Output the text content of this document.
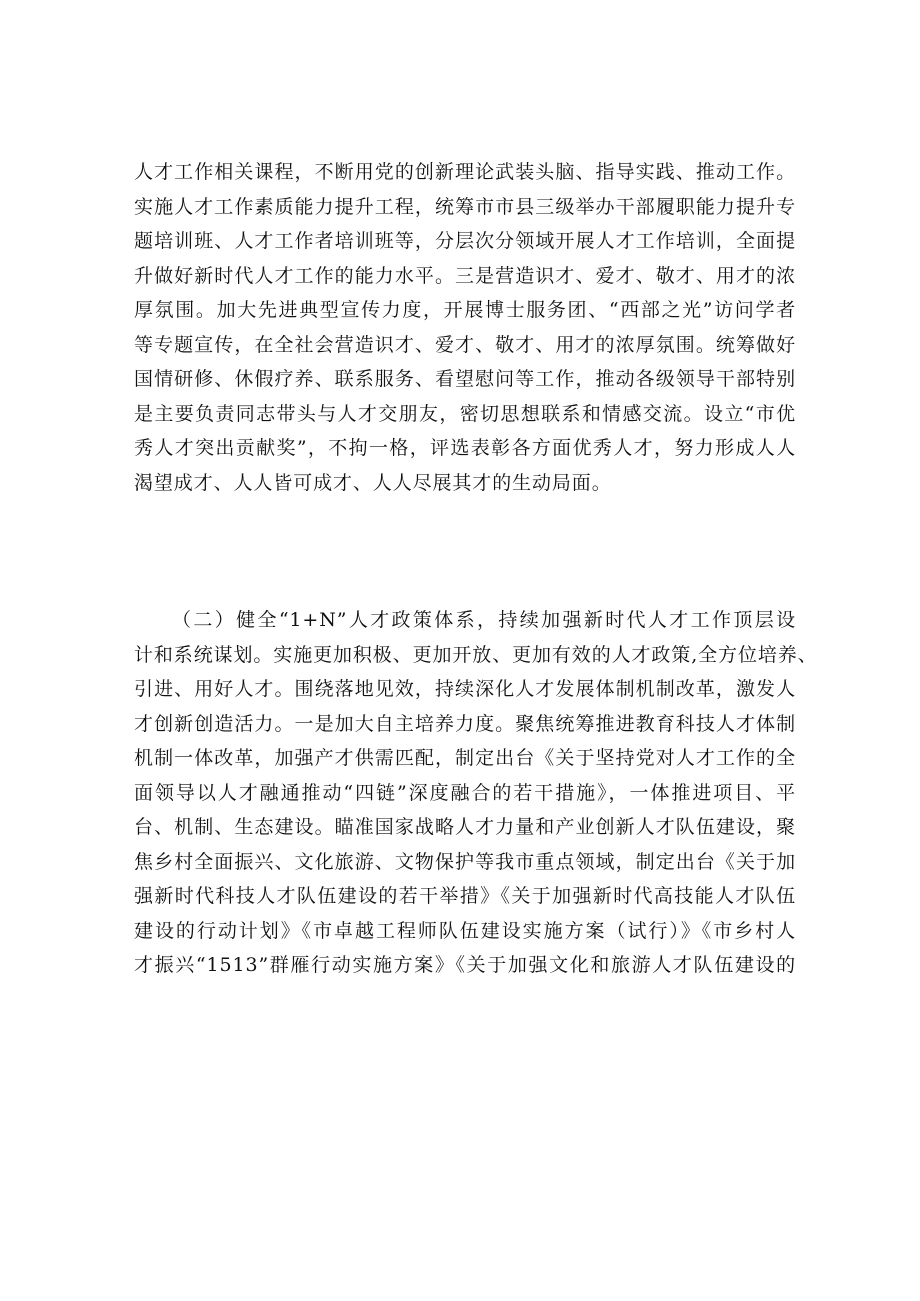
人才工作相关课程，不断用党的创新理论武装头脑、指导实践、推动工作。
实施人才工作素质能力提升工程，统筹市市县三级举办干部履职能力提升专
题培训班、人才工作者培训班等，分层次分领域开展人才工作培训，全面提
升做好新时代人才工作的能力水平。三是营造识才、爱才、敬才、用才的浓
厚氛围。加大先进典型宣传力度，开展博士服务团、“西部之光”访问学者
等专题宣传，在全社会营造识才、爱才、敬才、用才的浓厚氛围。统筹做好
国情研修、休假疗养、联系服务、看望慰问等工作，推动各级领导干部特别
是主要负责同志带头与人才交朋友，密切思想联系和情感交流。设立“市优
秀人才突出贡献奖”，不拘一格，评选表彰各方面优秀人才，努力形成人人
渴望成才、人人皆可成才、人人尽展其才的生动局面。
（二）健全“1+N”人才政策体系，持续加强新时代人才工作顶层设
计和系统谋划。实施更加积极、更加开放、更加有效的人才政策,全方位培养、
引进、用好人才。围绕落地见效，持续深化人才发展体制机制改革，激发人
才创新创造活力。一是加大自主培养力度。聚焦统筹推进教育科技人才体制
机制一体改革，加强产才供需匹配，制定出台《关于坚持党对人才工作的全
面领导以人才融通推动“四链”深度融合的若干措施》，一体推进项目、平
台、机制、生态建设。瞄准国家战略人才力量和产业创新人才队伍建设，聚
焦乡村全面振兴、文化旅游、文物保护等我市重点领域，制定出台《关于加
强新时代科技人才队伍建设的若干举措》《关于加强新时代高技能人才队伍
建设的行动计划》《市卓越工程师队伍建设实施方案（试行）》《市乡村人
才振兴“1513”群雁行动实施方案》《关于加强文化和旅游人才队伍建设的
